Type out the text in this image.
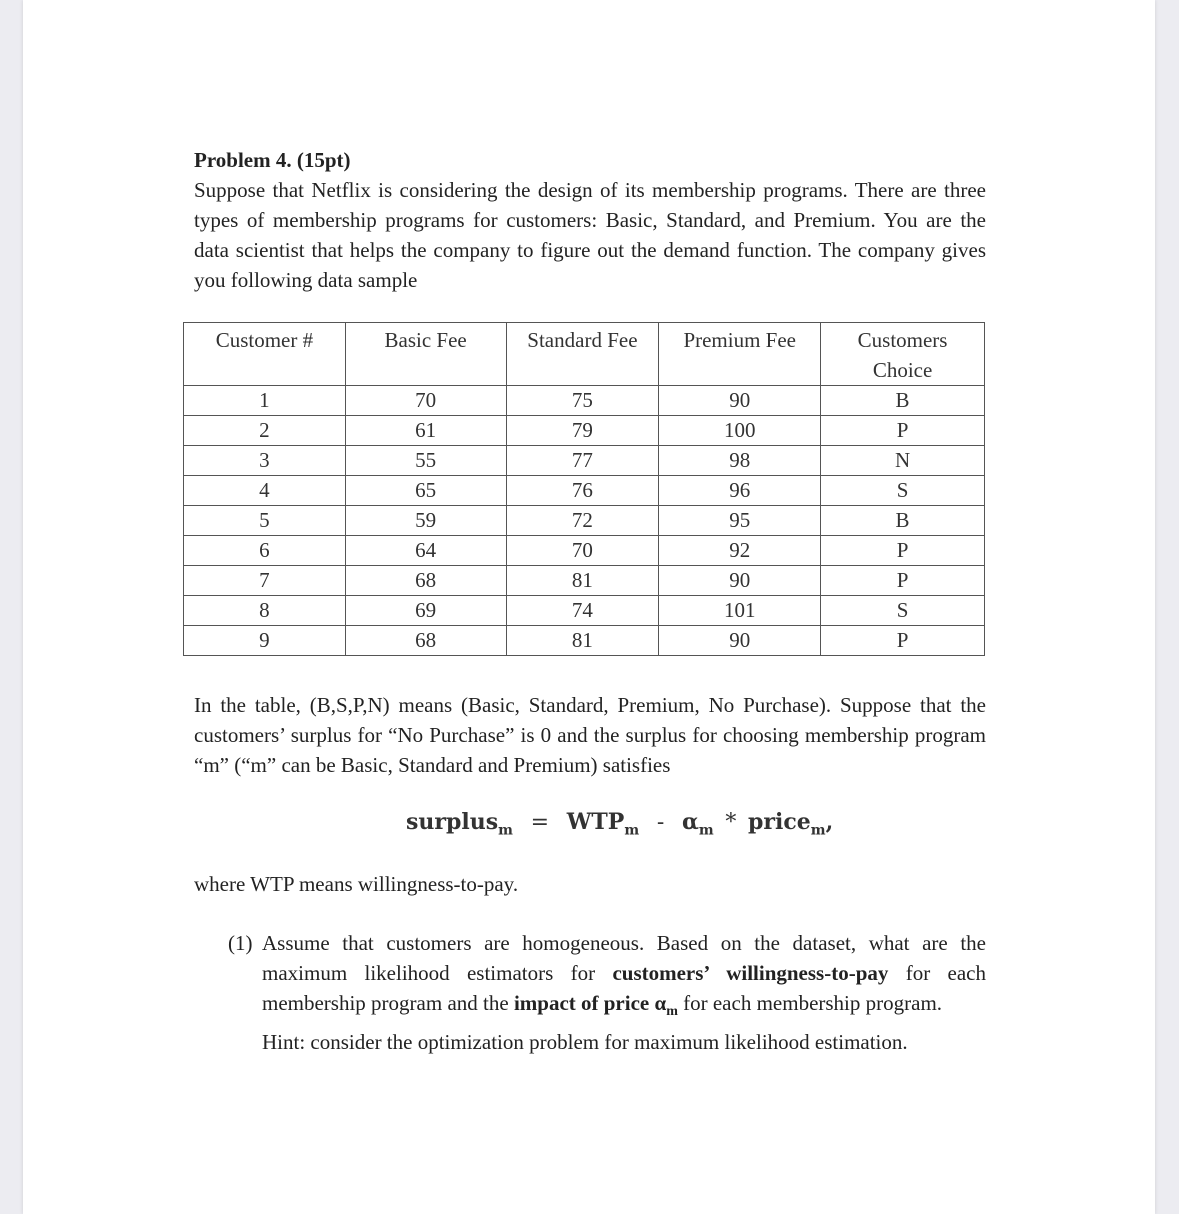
Problem 4. (15pt)

Suppose that Netflix is considering the design of its membership programs. There are three types of membership programs for customers: Basic, Standard, and Premium. You are the data scientist that helps the company to figure out the demand function. The company gives you following data sample

Customer #	Basic Fee	Standard Fee	Premium Fee	Customers Choice
1	70	75	90	B
2	61	79	100	P
3	55	77	98	N
4	65	76	96	S
5	59	72	95	B
6	64	70	92	P
7	68	81	90	P
8	69	74	101	S
9	68	81	90	P

In the table, (B,S,P,N) means (Basic, Standard, Premium, No Purchase). Suppose that the customers’ surplus for “No Purchase” is 0 and the surplus for choosing membership program “m” (“m” can be Basic, Standard and Premium) satisfies

surplus$_m$ = $WTP_m - \alpha_m$ * price$_m$,

where WTP means willingness-to-pay.

(1) Assume that customers are homogeneous. Based on the dataset, what are the maximum likelihood estimators for customers’ willingness-to-pay for each membership program and the impact of price $\alpha_m$ for each membership program.
Hint: consider the optimization problem for maximum likelihood estimation.
